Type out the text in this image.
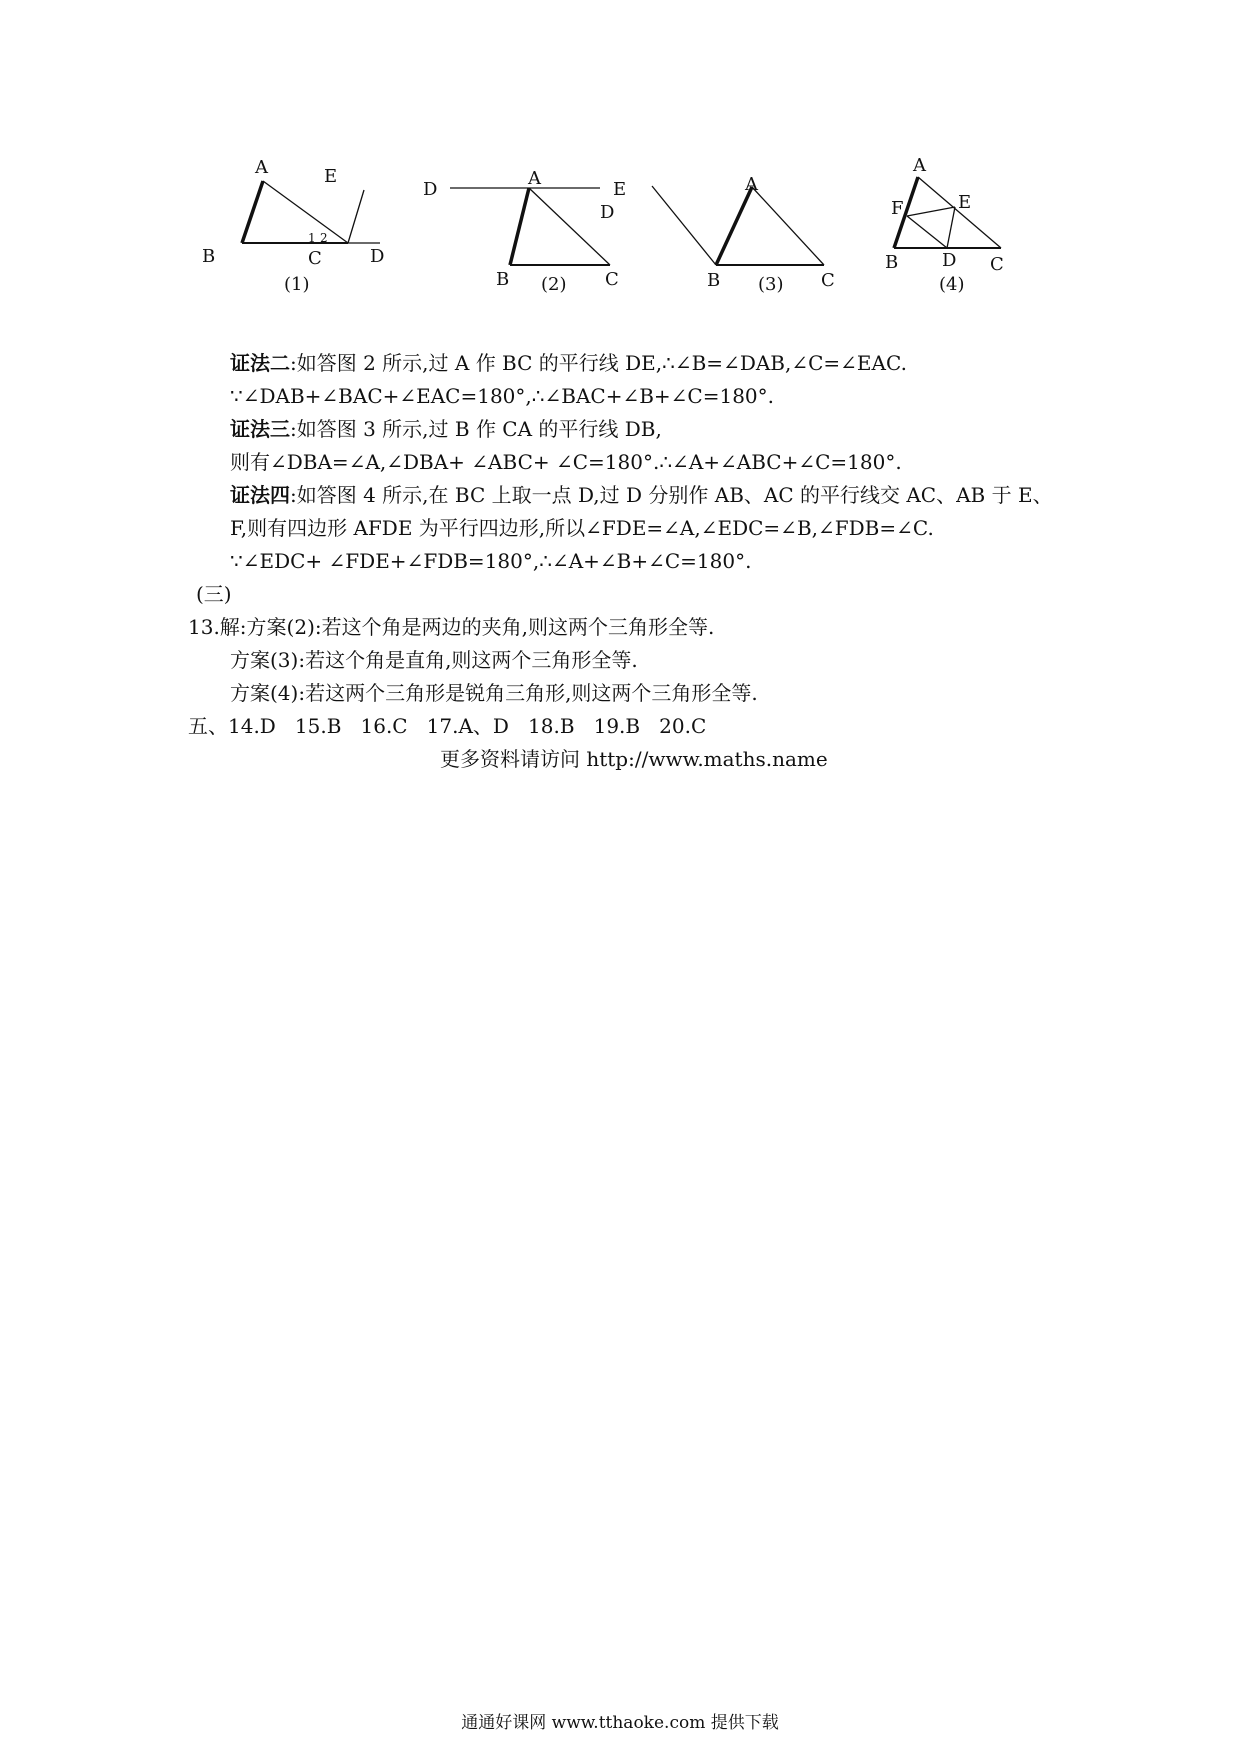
A
B	C	D
E
1 2
(1)
D
A
E
B	C
(2)
D
A
B	C
(3)
A
E
F
B D C
(4)
证法二:如答图 2 所示,过 A 作 BC 的平行线 DE,∴∠B=∠DAB,∠C=∠EAC.
∵∠DAB+∠BAC+∠EAC=180°,∴∠BAC+∠B+∠C=180°.
证法三:如答图 3 所示,过 B 作 CA 的平行线 DB,
则有∠DBA=∠A,∠DBA+ ∠ABC+ ∠C=180°.∴∠A+∠ABC+∠C=180°.
证法四:如答图 4 所示,在 BC 上取一点 D,过 D 分别作 AB、AC 的平行线交 AC、AB 于 E、
F,则有四边形 AFDE 为平行四边形,所以∠FDE=∠A,∠EDC=∠B,∠FDB=∠C.
∵∠EDC+ ∠FDE+∠FDB=180°,∴∠A+∠B+∠C=180°.
(三)
13.解:方案(2):若这个角是两边的夹角,则这两个三角形全等.
方案(3):若这个角是直角,则这两个三角形全等.
方案(4):若这两个三角形是锐角三角形,则这两个三角形全等.
五、14.D   15.B   16.C   17.A、D   18.B   19.B   20.C
更多资料请访问 http://www.maths.name
通通好课网 www.tthaoke.com 提供下载
